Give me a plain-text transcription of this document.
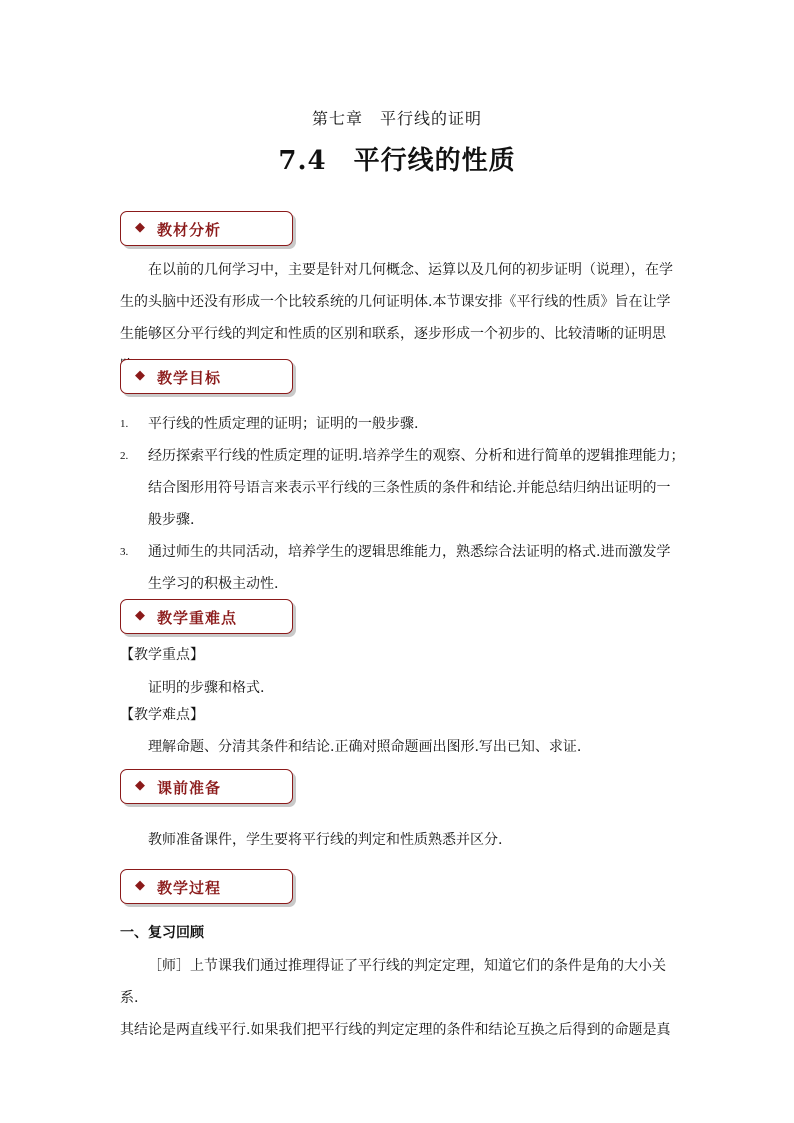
第七章　平行线的证明
7.4　平行线的性质
◆ 教材分析
在以前的几何学习中，主要是针对几何概念、运算以及几何的初步证明（说理），在学
生的头脑中还没有形成一个比较系统的几何证明体.本节课安排《平行线的性质》旨在让学
生能够区分平行线的判定和性质的区别和联系，逐步形成一个初步的、比较清晰的证明思
◆ 教学目标
1. 平行线的性质定理的证明；证明的一般步骤.
2. 经历探索平行线的性质定理的证明.培养学生的观察、分析和进行简单的逻辑推理能力；
结合图形用符号语言来表示平行线的三条性质的条件和结论.并能总结归纳出证明的一
般步骤.
3. 通过师生的共同活动，培养学生的逻辑思维能力，熟悉综合法证明的格式.进而激发学
生学习的积极主动性.
◆ 教学重难点
【教学重点】
证明的步骤和格式.
【教学难点】
理解命题、分清其条件和结论.正确对照命题画出图形.写出已知、求证.
◆ 课前准备
教师准备课件，学生要将平行线的判定和性质熟悉并区分.
◆ 教学过程
一、复习回顾
［师］上节课我们通过推理得证了平行线的判定定理，知道它们的条件是角的大小关系.
其结论是两直线平行.如果我们把平行线的判定定理的条件和结论互换之后得到的命题是真
